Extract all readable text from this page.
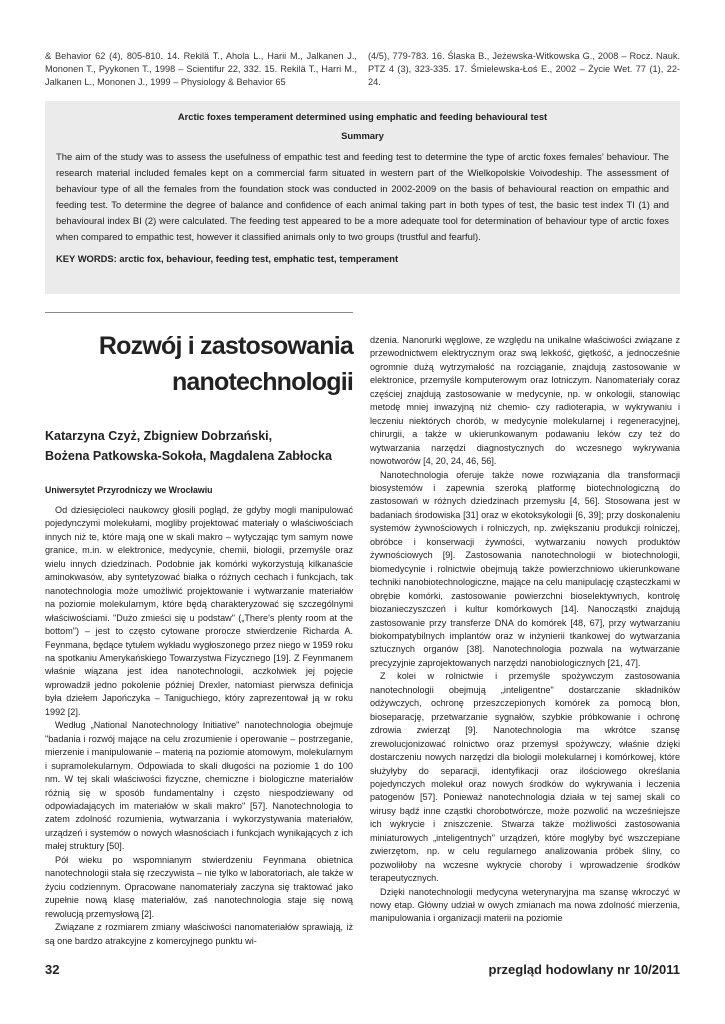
& Behavior 62 (4), 805-810. 14. Rekilä T., Ahola L., Harii M., Jalkanen J., Mononen T., Pyykonen T., 1998 – Scientifur 22, 332. 15. Rekilä T., Harri M., Jalkanen L., Mononen J., 1999 – Physiology & Behavior 65

(4/5), 779-783. 16. Ślaska B., Jeżewska-Witkowska G., 2008 – Rocz. Nauk. PTZ 4 (3), 323-335. 17. Śmielewska-Łoś E., 2002 – Życie Wet. 77 (1), 22-24.

Arctic foxes temperament determined using emphatic and feeding behavioural test
Summary

The aim of the study was to assess the usefulness of empathic test and feeding test to determine the type of arctic foxes females’ behaviour. The research material included females kept on a commercial farm situated in western part of the Wielkopolskie Voivodeship. The assessment of behaviour type of all the females from the foundation stock was conducted in 2002-2009 on the basis of behavioural reaction on empathic and feeding test. To determine the degree of balance and confidence of each animal taking part in both types of test, the basic test index TI (1) and behavioural index BI (2) were calculated. The feeding test appeared to be a more adequate tool for determination of behaviour type of arctic foxes when compared to empathic test, however it classified animals only to two groups (trustful and fearful).

KEY WORDS: arctic fox, behaviour, feeding test, emphatic test, temperament

Rozwój i zastosowania
nanotechnologii
Katarzyna Czyż, Zbigniew Dobrzański,
Bożena Patkowska-Sokoła, Magdalena Zabłocka

Uniwersytet Przyrodniczy we Wrocławiu

Od dziesięcioleci naukowcy głosili pogląd, że gdyby mogli manipulować pojedynczymi molekułami, mogliby projektować materiały o właściwościach innych niż te, które mają one w skali makro – wytyczając tym samym nowe granice, m.in. w elektronice, medycynie, chemii, biologii, przemyśle oraz wielu innych dziedzinach. Podobnie jak komórki wykorzystują kilkanaście aminokwasów, aby syntetyzować białka o różnych cechach i funkcjach, tak nanotechnologia może umożliwić projektowanie i wytwarzanie materiałów na poziomie molekularnym, które będą charakteryzować się szczególnymi właściwościami. "Dużo zmieści się u podstaw" („There's plenty room at the bottom") – jest to często cytowane proroczе stwierdzenie Richarda A. Feynmana, będące tytułem wykładu wygłoszonego przez niego w 1959 roku na spotkaniu Amerykańskiego Towarzystwa Fizycznego [19]. Z Feynmanem właśnie wiązana jest idea nanotechnologii, aczkolwiek jej pojęcie wprowadził jedno pokolenie później Drexler, natomiast pierwsza definicja była dziełem Japończyka – Taniguchiego, który zaprezentował ją w roku 1992 [2].

Według „National Nanotechnology Initiative" nanotechnologia obejmuje "badania i rozwój mające na celu zrozumienie i operowanie – postrzeganie, mierzenie i manipulowanie – materią na poziomie atomowym, molekularnym i supramolekularnym. Odpowiada to skali długości na poziomie 1 do 100 nm. W tej skali właściwości fizyczne, chemiczne i biologiczne materiałów różnią się w sposób fundamentalny i często niespodziewany od odpowiadających im materiałów w skali makro" [57]. Nanotechnologia to zatem zdolność rozumienia, wytwarzania i wykorzystywania materiałów, urządzeń i systemów o nowych własnościach i funkcjach wynikających z ich małej struktury [50].

Pół wieku po wspomnianym stwierdzeniu Feynmana obietnica nanotechnologii stała się rzeczywista – nie tylko w laboratoriach, ale także w życiu codziennym. Opracowane nanomateriały zaczyna się traktować jako zupełnie nową klasę materiałów, zaś nanotechnologia staje się nową rewolucją przemysłową [2].

Związane z rozmiarem zmiany właściwości nanomateriałów sprawiają, iż są one bardzo atrakcyjne z komercyjnego punktu wi-

dzenia. Nanorurki węglowe, ze względu na unikalne właściwości związane z przewodnictwem elektrycznym oraz swą lekkość, giętkość, a jednocześnie ogromnie dużą wytrzymałość na rozciąganie, znajdują zastosowanie w elektronice, przemyśle komputerowym oraz lotniczym. Nanomateriały coraz częściej znajdują zastosowanie w medycynie, np. w onkologii, stanowiąc metodę mniej inwazyjną niż chemio- czy radioterapia, w wykrywaniu i leczeniu niektórych chorób, w medycynie molekularnej i regeneracyjnej, chirurgii, a także w ukierunkowanym podawaniu leków czy też do wytwarzania narzędzi diagnostycznych do wczesnego wykrywania nowotworów [4, 20, 24, 46, 56].

Nanotechnologia oferuje także nowe rozwiązania dla transformacji biosystemów i zapewnia szeroką platformę biotechnologiczną do zastosowań w różnych dziedzinach przemysłu [4, 56]. Stosowana jest w badaniach środowiska [31] oraz w ekotoksykologii [6, 39]; przy doskonaleniu systemów żywnościowych i rolniczych, np. zwiększaniu produkcji rolniczej, obróbce i konserwacji żywności, wytwarzaniu nowych produktów żywnościowych [9]. Zastosowania nanotechnologii w biotechnologii, biomedycynie i rolnictwie obejmują także powierzchniowo ukierunkowane techniki nanobiotechnologiczne, mające na celu manipulację cząsteczkami w obrębie komórki, zastosowanie powierzchni bioselektywnych, kontrolę biozanieczyszczeń i kultur komórkowych [14]. Nanocząstki znajdują zastosowanie przy transferze DNA do komórek [48, 67], przy wytwarzaniu biokompatybilnych implantów oraz w inżynierii tkankowej do wytwarzania sztucznych organów [38]. Nanotechnologia pozwala na wytwarzanie precyzyjnie zaprojektowanych narzędzi nanobiologicznych [21, 47].

Z kolei w rolnictwie i przemyśle spożywczym zastosowania nanotechnologii obejmują „inteligentne" dostarczanie składników odżywczych, ochronę przeszczepionych komórek za pomocą błon, bioseparację, przetwarzanie sygnałów, szybkie próbkowanie i ochronę zdrowia zwierząt [9]. Nanotechnologia ma wkrótce szansę zrewolucjonizować rolnictwo oraz przemysł spożywczy, właśnie dzięki dostarczeniu nowych narzędzi dla biologii molekularnej i komórkowej, które służyłyby do separacji, identyfikacji oraz ilościowego określania pojedynczych molekuł oraz nowych środków do wykrywania i leczenia patogenów [57]. Ponieważ nanotechnologia działa w tej samej skali co wirusy bądź inne cząstki chorobotwórcze, może pozwolić na wcześniejsze ich wykrycie i zniszczenie. Stwarza także możliwości zastosowania miniaturowych „inteligentnych" urządzeń, które mogłyby być wszczepiane zwierzętom, np. w celu regularnego analizowania próbek śliny, co pozwoliłoby na wczesne wykrycie choroby i wprowadzenie środków terapeutycznych.

Dzięki nanotechnologii medycyna weterynaryjna ma szansę wkroczyć w nowy etap. Główny udział w owych zmianach ma nowa zdolność mierzenia, manipulowania i organizacji materii na poziomie

32	przegląd hodowlany nr 10/2011
